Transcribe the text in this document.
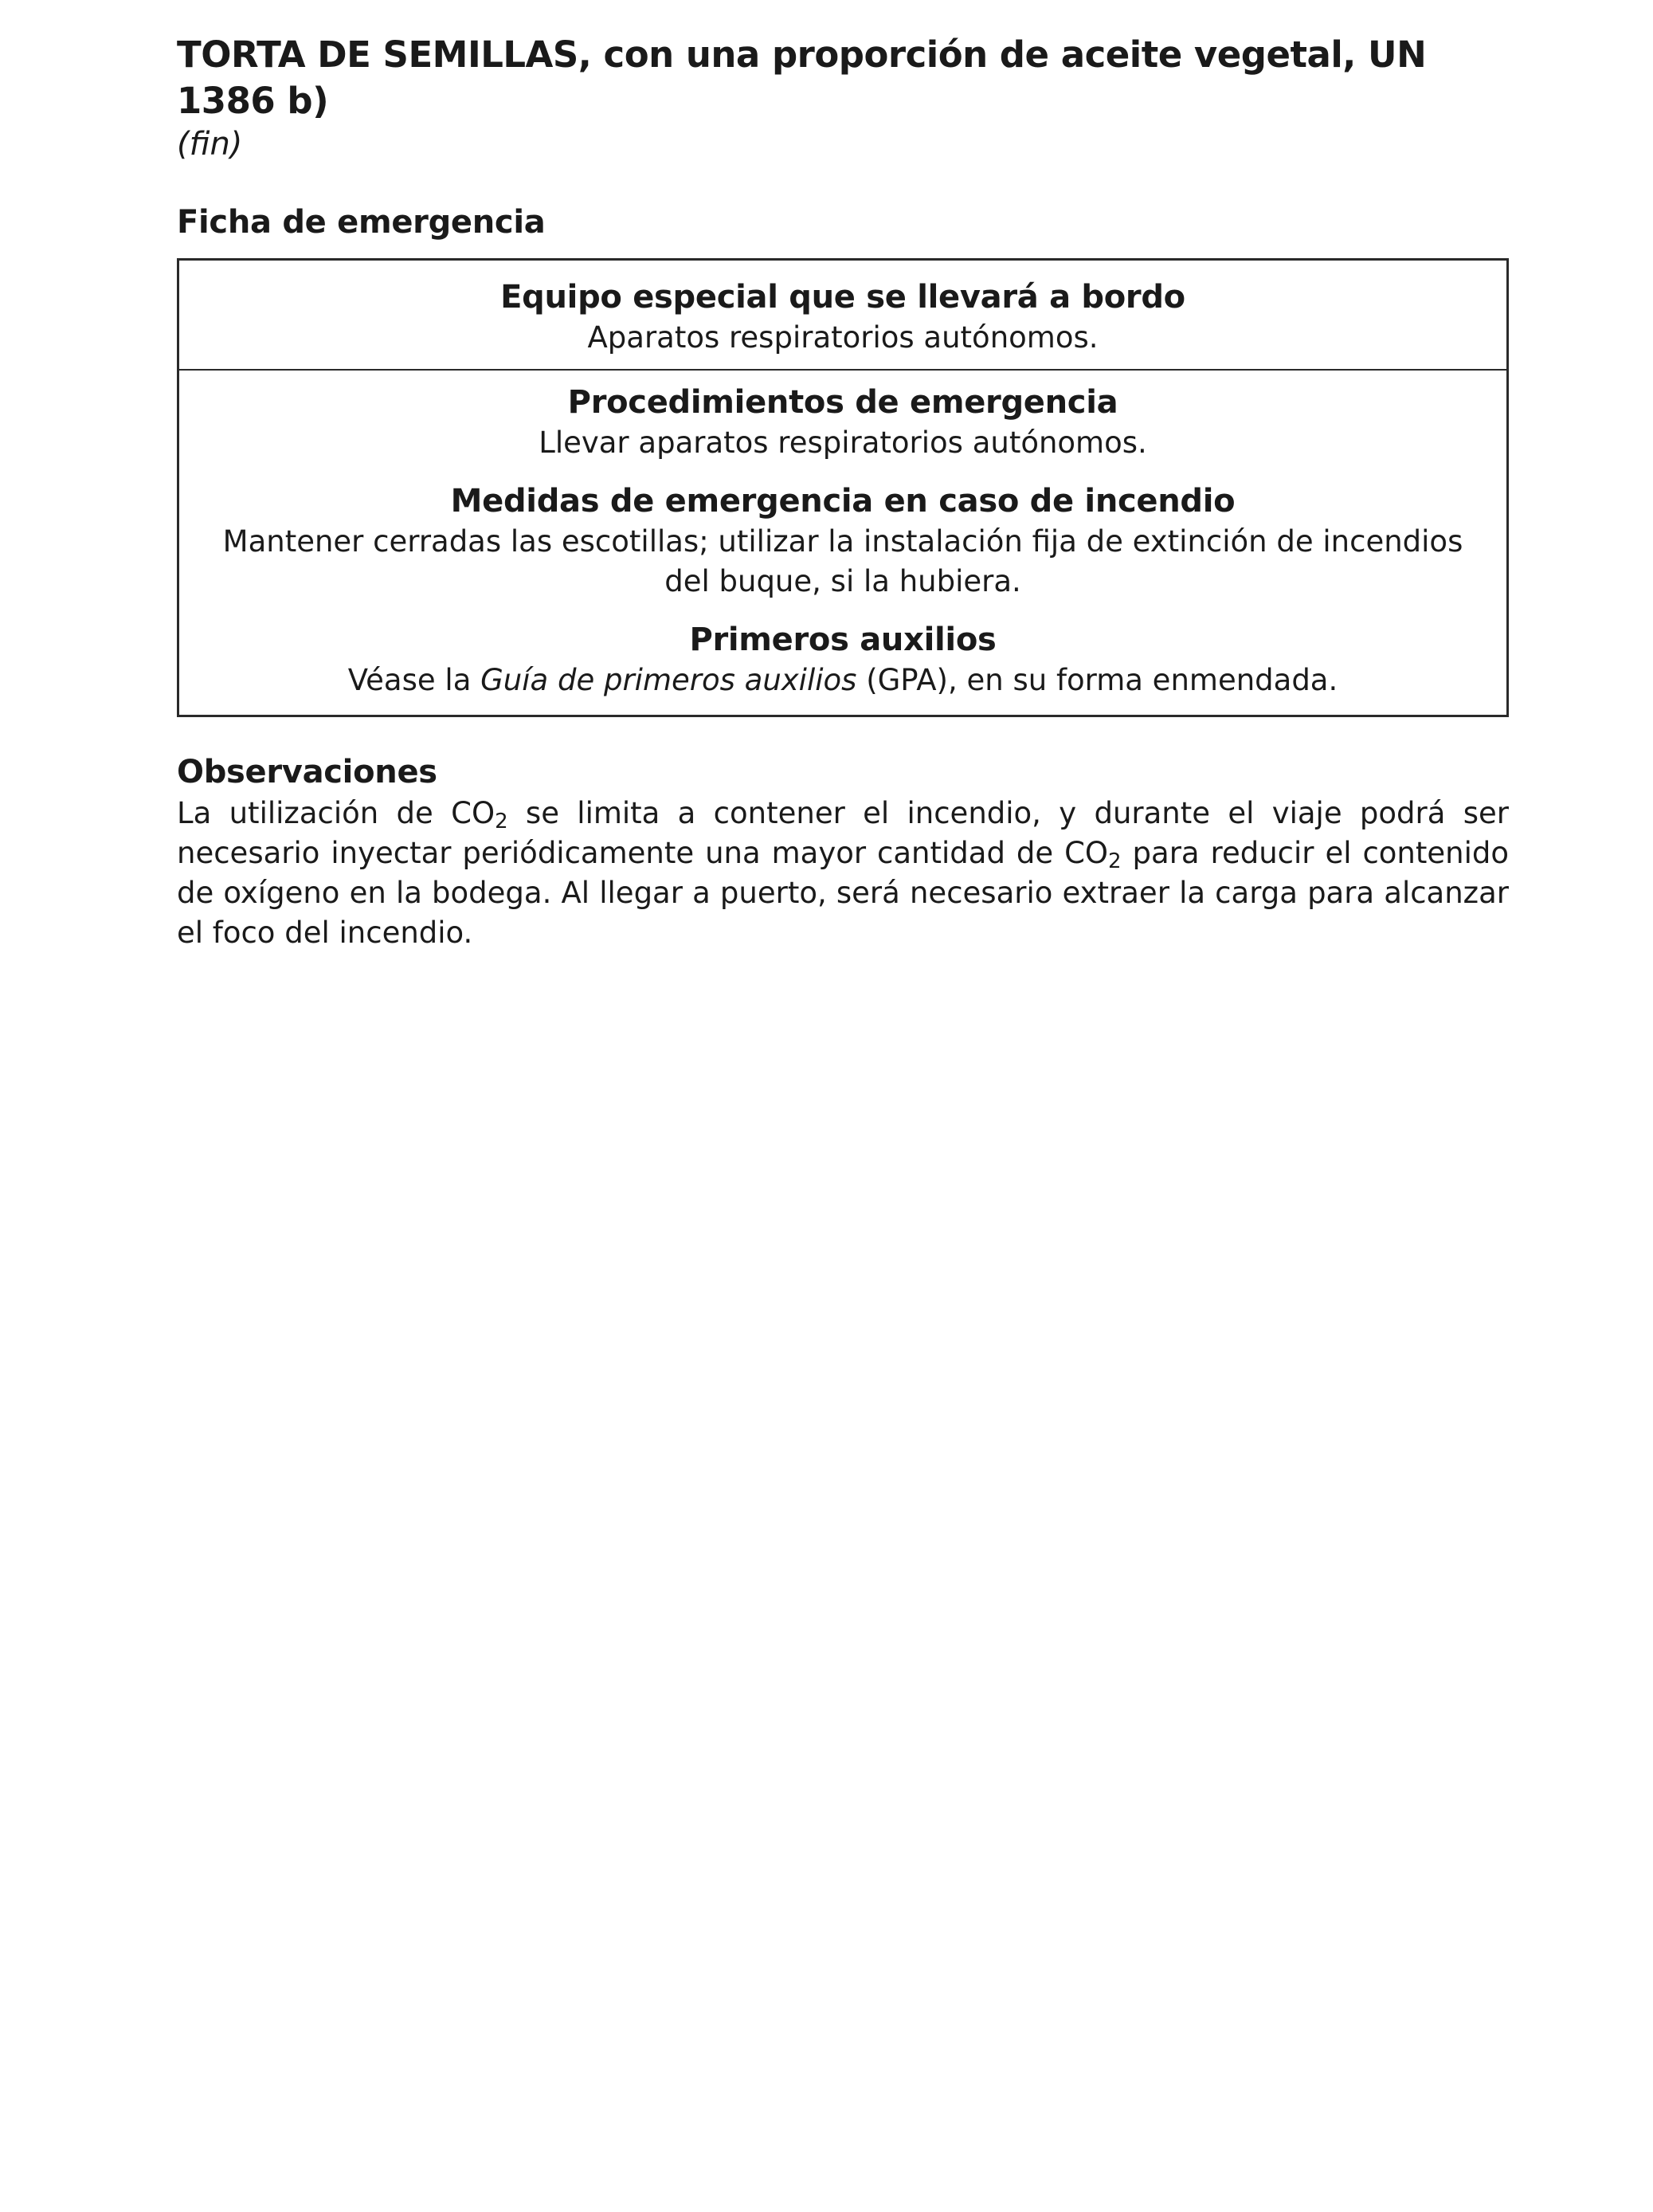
TORTA DE SEMILLAS, con una proporción de aceite vegetal, UN 1386 b)

(fin)

Ficha de emergencia

Equipo especial que se llevará a bordo

Aparatos respiratorios autónomos.

Procedimientos de emergencia

Llevar aparatos respiratorios autónomos.

Medidas de emergencia en caso de incendio

Mantener cerradas las escotillas; utilizar la instalación fija de extinción de incendios

del buque, si la hubiera.

Primeros auxilios

Véase la Guía de primeros auxilios (GPA), en su forma enmendada.

Observaciones

La utilización de $CO_2$ se limita a contener el incendio, y durante el viaje podrá ser necesario inyectar periódicamente una mayor cantidad de $CO_2$ para reducir el contenido de oxígeno en la bodega. Al llegar a puerto, será necesario extraer la carga para alcanzar el foco del incendio.
